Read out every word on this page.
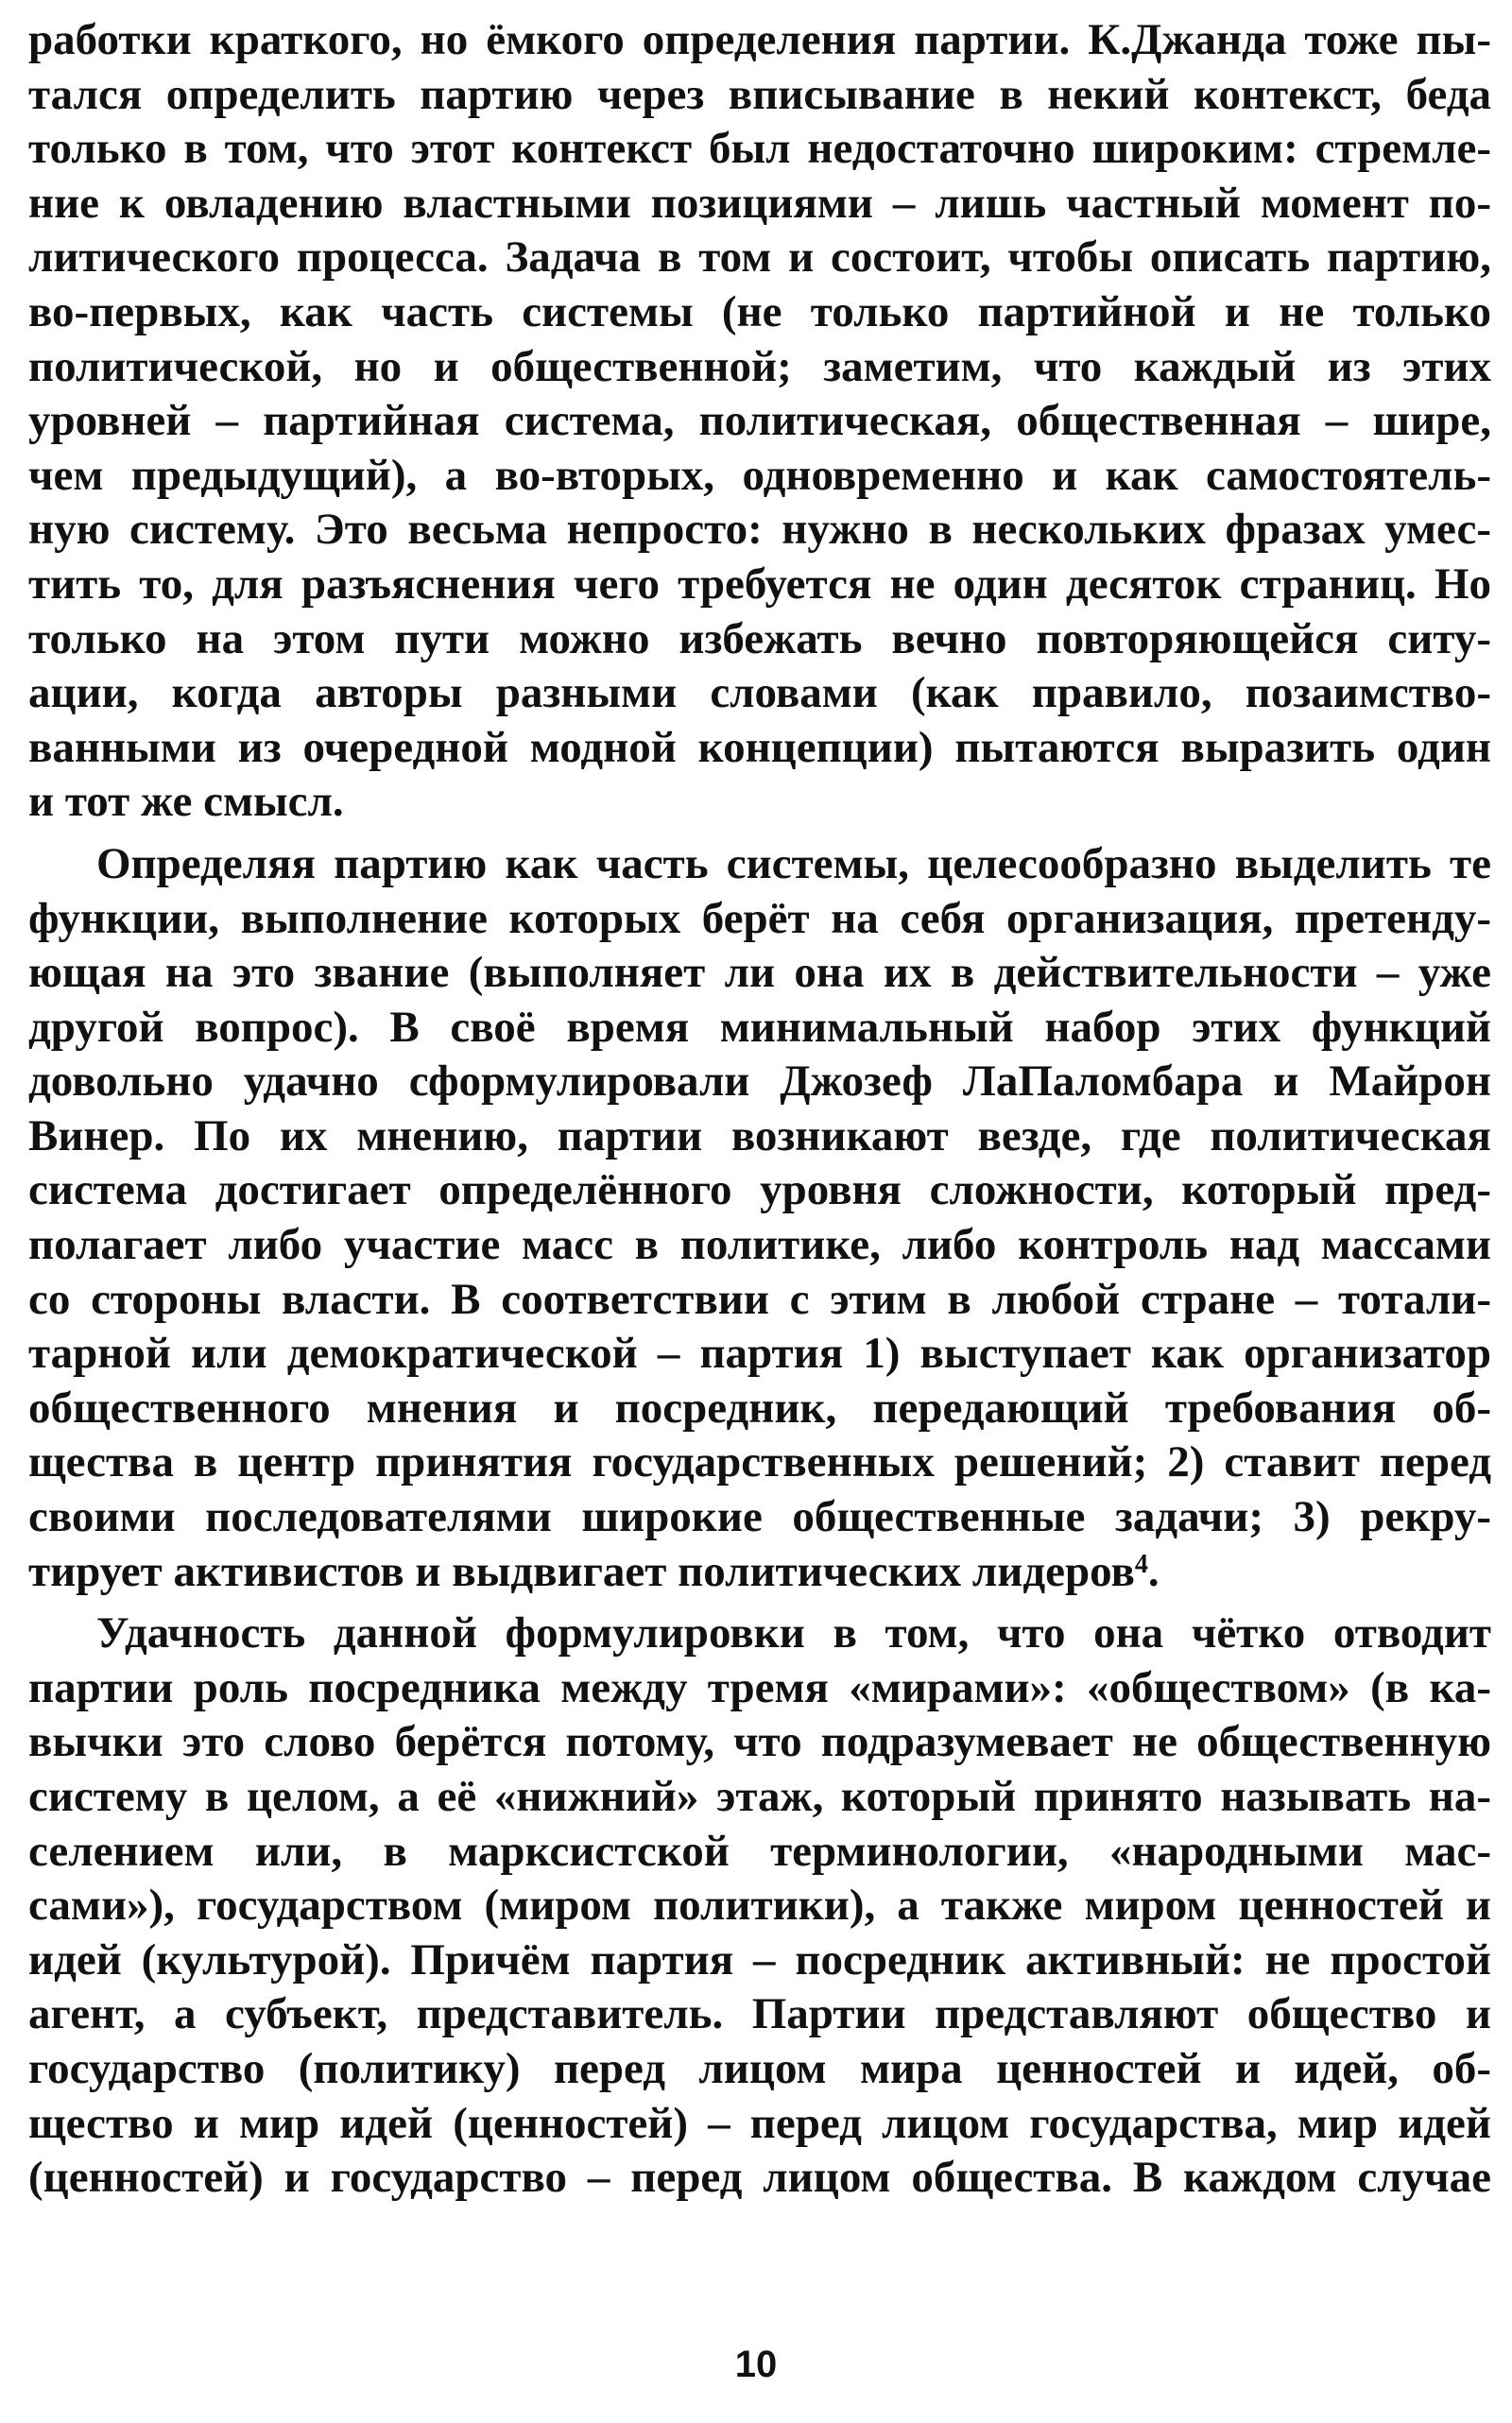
работки краткого, но ёмкого определения партии. К.Джанда тоже пы-
тался определить партию через вписывание в некий контекст, беда
только в том, что этот контекст был недостаточно широким: стремле-
ние к овладению властными позициями – лишь частный момент по-
литического процесса. Задача в том и состоит, чтобы описать партию,
во-первых, как часть системы (не только партийной и не только
политической, но и общественной; заметим, что каждый из этих
уровней – партийная система, политическая, общественная – шире,
чем предыдущий), а во-вторых, одновременно и как самостоятель-
ную систему. Это весьма непросто: нужно в нескольких фразах умес-
тить то, для разъяснения чего требуется не один десяток страниц. Но
только на этом пути можно избежать вечно повторяющейся ситу-
ации, когда авторы разными словами (как правило, позаимство-
ванными из очередной модной концепции) пытаются выразить один
и тот же смысл.
Определяя партию как часть системы, целесообразно выделить те
функции, выполнение которых берёт на себя организация, претенду-
ющая на это звание (выполняет ли она их в действительности – уже
другой вопрос). В своё время минимальный набор этих функций
довольно удачно сформулировали Джозеф ЛаПаломбара и Майрон
Винер. По их мнению, партии возникают везде, где политическая
система достигает определённого уровня сложности, который пред-
полагает либо участие масс в политике, либо контроль над массами
со стороны власти. В соответствии с этим в любой стране – тотали-
тарной или демократической – партия 1) выступает как организатор
общественного мнения и посредник, передающий требования об-
щества в центр принятия государственных решений; 2) ставит перед
своими последователями широкие общественные задачи; 3) рекру-
тирует активистов и выдвигает политических лидеров$^4$.
Удачность данной формулировки в том, что она чётко отводит
партии роль посредника между тремя «мирами»: «обществом» (в ка-
вычки это слово берётся потому, что подразумевает не общественную
систему в целом, а её «нижний» этаж, который принято называть на-
селением или, в марксистской терминологии, «народными мас-
сами»), государством (миром политики), а также миром ценностей и
идей (культурой). Причём партия – посредник активный: не простой
агент, а субъект, представитель. Партии представляют общество и
государство (политику) перед лицом мира ценностей и идей, об-
щество и мир идей (ценностей) – перед лицом государства, мир идей
(ценностей) и государство – перед лицом общества. В каждом случае
10
